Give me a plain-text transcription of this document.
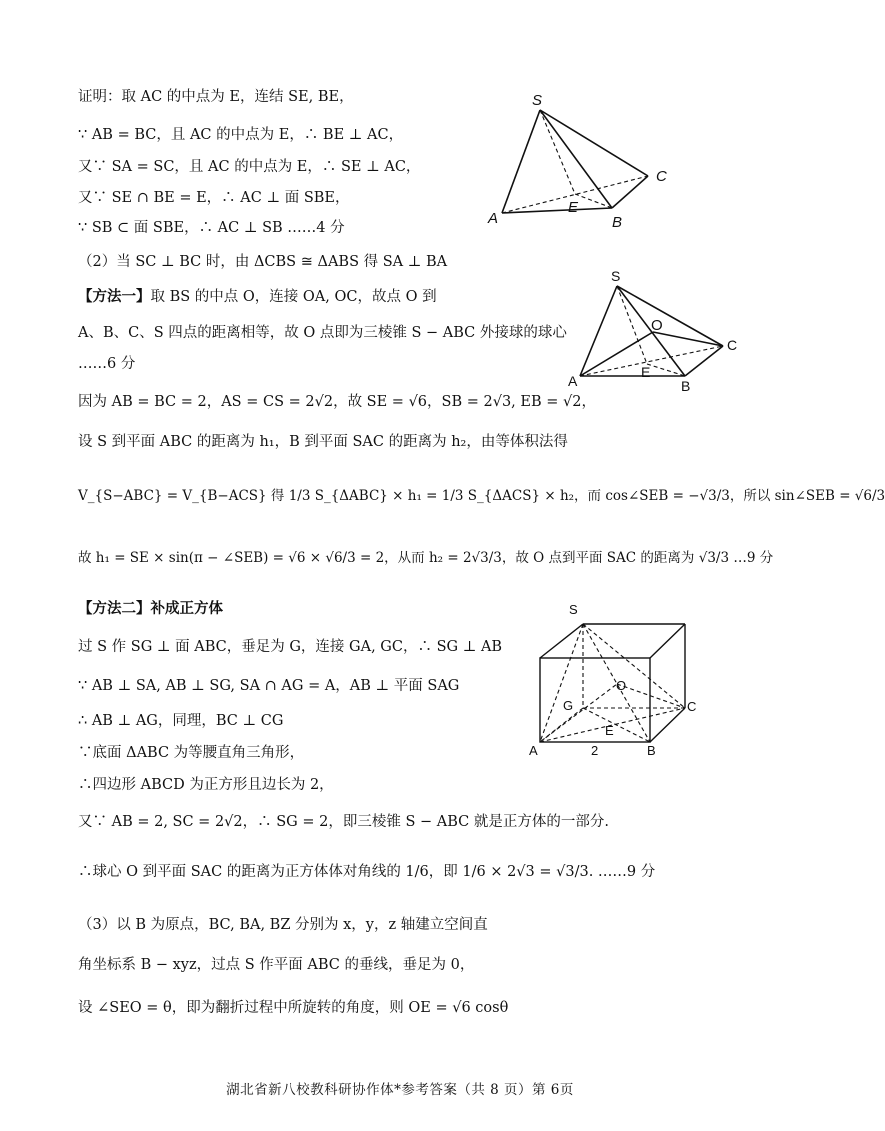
证明：取 AC 的中点为 E，连结 SE, BE，
∵ AB = BC，且 AC 的中点为 E，∴ BE ⊥ AC，
又∵ SA = SC，且 AC 的中点为 E，∴ SE ⊥ AC，
又∵ SE ∩ BE = E，∴ AC ⊥ 面 SBE，
∵ SB ⊂ 面 SBE，∴ AC ⊥ SB ……4 分
（2）当 SC ⊥ BC 时，由 ΔCBS ≅ ΔABS 得 SA ⊥ BA
【方法一】取 BS 的中点 O，连接 OA, OC，故点 O 到
A、B、C、S 四点的距离相等，故 O 点即为三棱锥 S − ABC 外接球的球心
……6 分
因为 AB = BC = 2，AS = CS = 2√2，故 SE = √6，SB = 2√3, EB = √2，
设 S 到平面 ABC 的距离为 h₁，B 到平面 SAC 的距离为 h₂，由等体积法得
V_{S−ABC} = V_{B−ACS} 得 1/3 S_{ΔABC} × h₁ = 1/3 S_{ΔACS} × h₂，而 cos∠SEB = −√3/3，所以 sin∠SEB = √6/3
故 h₁ = SE × sin(π − ∠SEB) = √6 × √6/3 = 2，从而 h₂ = 2√3/3，故 O 点到平面 SAC 的距离为 √3/3 …9 分
【方法二】补成正方体
过 S 作 SG ⊥ 面 ABC，垂足为 G，连接 GA, GC，∴ SG ⊥ AB
∵ AB ⊥ SA, AB ⊥ SG, SA ∩ AG = A，AB ⊥ 平面 SAG
∴ AB ⊥ AG，同理，BC ⊥ CG
∵底面 ΔABC 为等腰直角三角形，
∴四边形 ABCD 为正方形且边长为 2，
又∵ AB = 2, SC = 2√2，∴ SG = 2，即三棱锥 S − ABC 就是正方体的一部分.
∴球心 O 到平面 SAC 的距离为正方体体对角线的 1/6，即 1/6 × 2√3 = √3/3. ……9 分
（3）以 B 为原点，BC, BA, BZ 分别为 x，y，z 轴建立空间直
角坐标系 B − xyz，过点 S 作平面 ABC 的垂线，垂足为 0，
设 ∠SEO = θ，即为翻折过程中所旋转的角度，则 OE = √6 cosθ
S
A	B
C
E
S
A	B
C
E
O
S
A	B
C
E
O
G
2
湖北省新八校教科研协作体*参考答案（共 8 页）第 6页
